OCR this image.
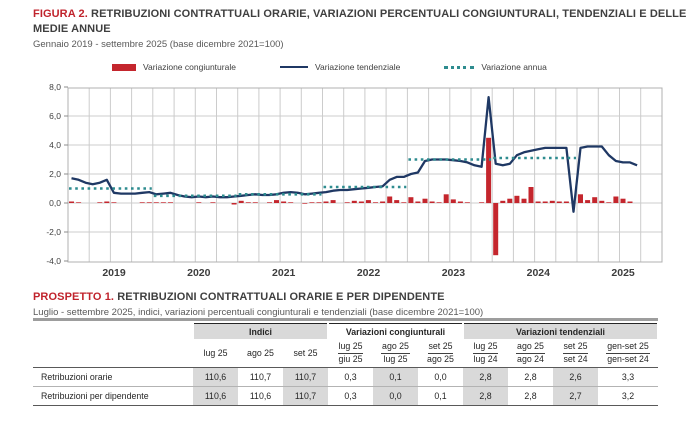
FIGURA 2. RETRIBUZIONI CONTRATTUALI ORARIE, VARIAZIONI PERCENTUALI CONGIUNTURALI, TENDENZIALI E DELLE MEDIE ANNUE
Gennaio 2019 - settembre 2025 (base dicembre 2021=100)
Variazione congiunturale	Variazione tendenziale	Variazione annua
8,0
6,0
4,0
2,0
0,0
-2,0
-4,0
2019	2020	2021	2022	2023	2024	2025
PROSPETTO 1. RETRIBUZIONI CONTRATTUALI ORARIE E PER DIPENDENTE
Luglio - settembre 2025, indici, variazioni percentuali congiunturali e tendenziali (base dicembre 2021=100)
	Indici			Variazioni congiunturali			Variazioni tendenziali			
	lug 25	ago 25	set 25	$\frac{\text{lug 25}}{\text{giu 25}}$	$\frac{\text{ago 25}}{\text{lug 25}}$	$\frac{\text{set 25}}{\text{ago 25}}$	$\frac{\text{lug 25}}{\text{lug 24}}$	$\frac{\text{ago 25}}{\text{ago 24}}$	$\frac{\text{set 25}}{\text{set 24}}$	$\frac{\text{gen-set 25}}{\text{gen-set 24}}$

Retribuzioni orarie	110,6	110,7	110,7	0,3	0,1	0,0	2,8	2,8	2,6	3,3
Retribuzioni per dipendente	110,6	110,6	110,7	0,3	0,0	0,1	2,8	2,8	2,7	3,2
